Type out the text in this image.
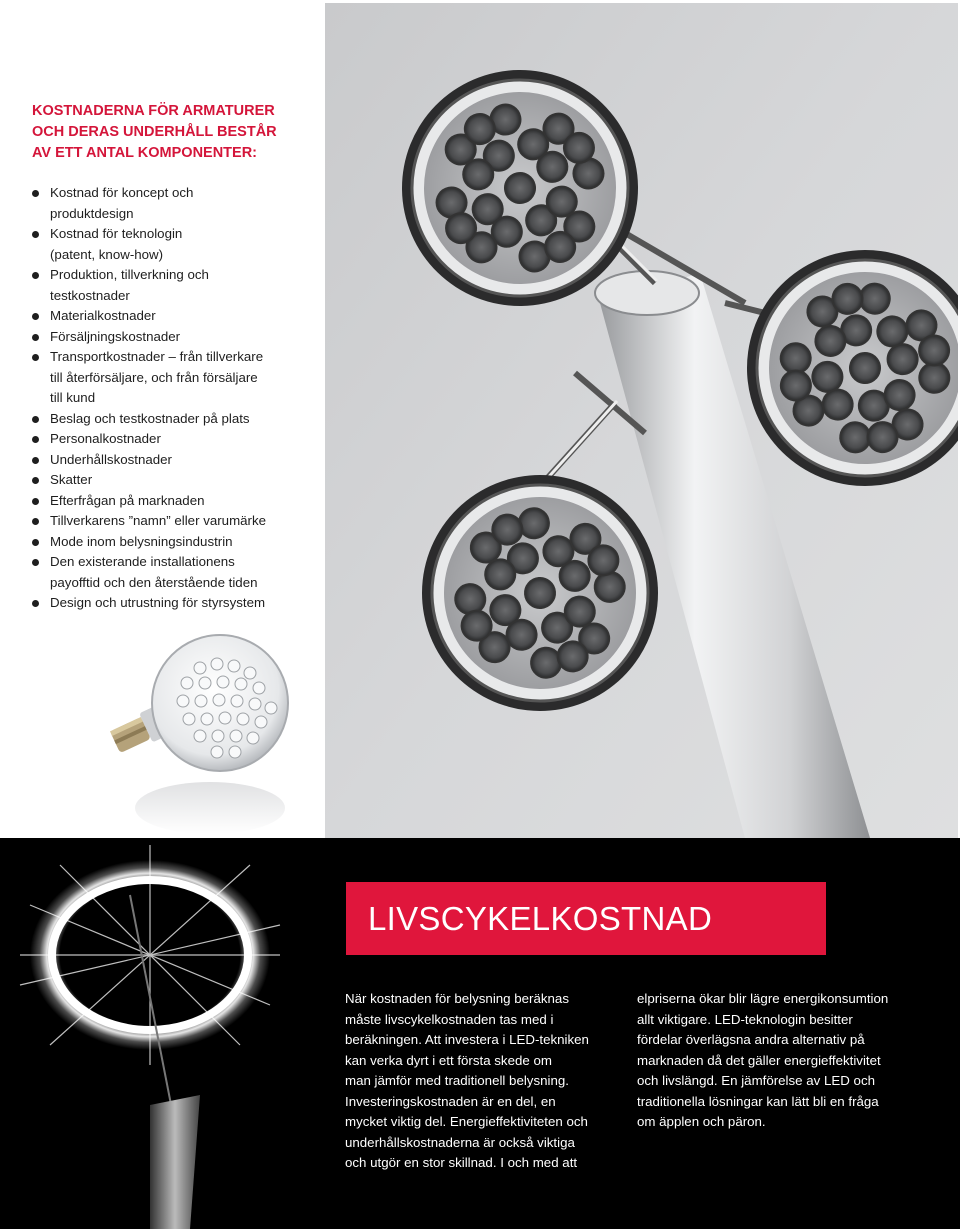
KOSTNADERNA FÖR ARMATURER
OCH DERAS UNDERHÅLL BESTÅR
AV ETT ANTAL KOMPONENTER:
Kostnad för koncept och
produktdesign
Kostnad för teknologin
(patent, know-how)
Produktion, tillverkning och
testkostnader
Materialkostnader
Försäljningskostnader
Transportkostnader – från tillverkare
till återförsäljare, och från försäljare
till kund
Beslag och testkostnader på plats
Personalkostnader
Underhållskostnader
Skatter
Efterfrågan på marknaden
Tillverkarens ”namn” eller varumärke
Mode inom belysningsindustrin
Den existerande installationens
payofftid och den återstående tiden
Design och utrustning för styrsystem
LIVSCYKELKOSTNAD
När kostnaden för belysning beräknas
måste livscykelkostnaden tas med i
beräkningen. Att investera i LED-tekniken
kan verka dyrt i ett första skede om
man jämför med traditionell belysning.
Investeringskostnaden är en del, en
mycket viktig del. Energieffektiviteten och
underhållskostnaderna är också viktiga
och utgör en stor skillnad. I och med att
elpriserna ökar blir lägre energikonsumtion
allt viktigare. LED-teknologin besitter
fördelar överlägsna andra alternativ på
marknaden då det gäller energieffektivitet
och livslängd. En jämförelse av LED och
traditionella lösningar kan lätt bli en fråga
om äpplen och päron.
